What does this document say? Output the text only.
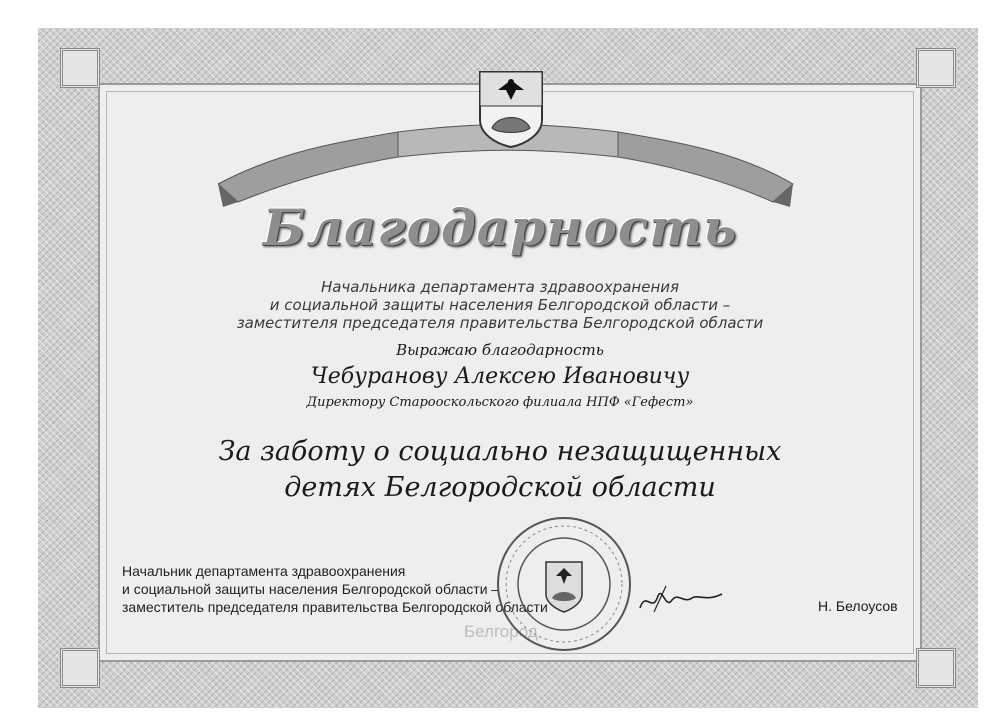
Благодарность
Начальника департамента здравоохранения
и социальной защиты населения Белгородской области –
заместителя председателя правительства Белгородской области
Выражаю благодарность
Чебуранову Алексею Ивановичу
Директору Старооскольского филиала НПФ «Гефест»
За заботу о социально незащищенных
детях Белгородской области
Белгород
Начальник департамента здравоохранения
и социальной защиты населения Белгородской области –
заместитель председателя правительства Белгородской области	Н. Белоусов
